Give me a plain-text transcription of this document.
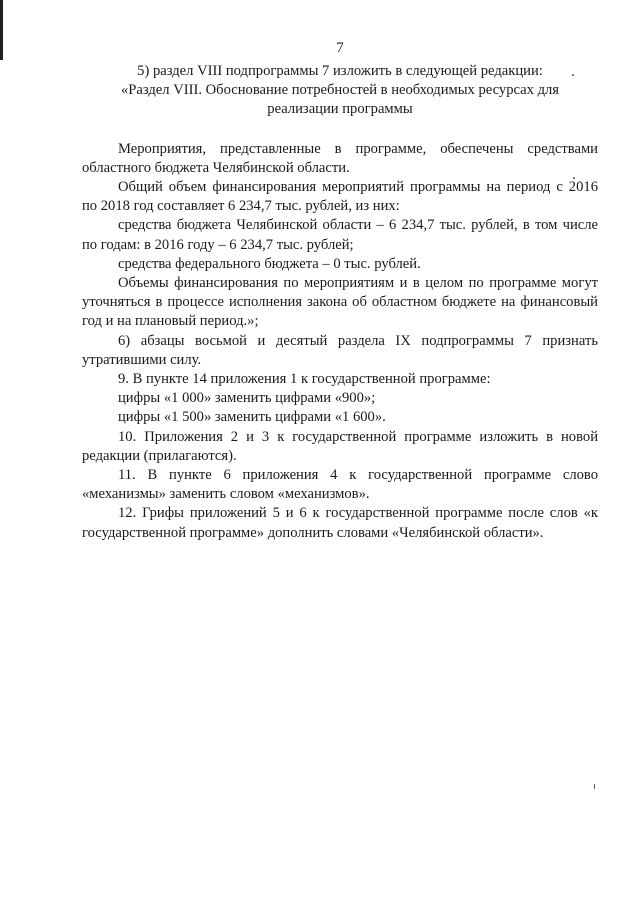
7

5) раздел VIII подпрограммы 7 изложить в следующей редакции:

«Раздел VIII. Обоснование потребностей в необходимых ресурсах для

реализации программы

Мероприятия, представленные в программе, обеспечены средствами областного бюджета Челябинской области.

Общий объем финансирования мероприятий программы на период с 2016 по 2018 год составляет 6 234,7 тыс. рублей, из них:

средства бюджета Челябинской области – 6 234,7 тыс. рублей, в том числе по годам: в 2016 году – 6 234,7 тыс. рублей;

средства федерального бюджета – 0 тыс. рублей.

Объемы финансирования по мероприятиям и в целом по программе могут уточняться в процессе исполнения закона об областном бюджете на финансовый год и на плановый период.»;

6) абзацы восьмой и десятый раздела IX подпрограммы 7 признать утратившими силу.

9. В пункте 14 приложения 1 к государственной программе:

цифры «1 000» заменить цифрами «900»;

цифры «1 500» заменить цифрами «1 600».

10. Приложения 2 и 3 к государственной программе изложить в новой редакции (прилагаются).

11. В пункте 6 приложения 4 к государственной программе слово «механизмы» заменить словом «механизмов».

12. Грифы приложений 5 и 6 к государственной программе после слов «к государственной программе» дополнить словами «Челябинской области».
